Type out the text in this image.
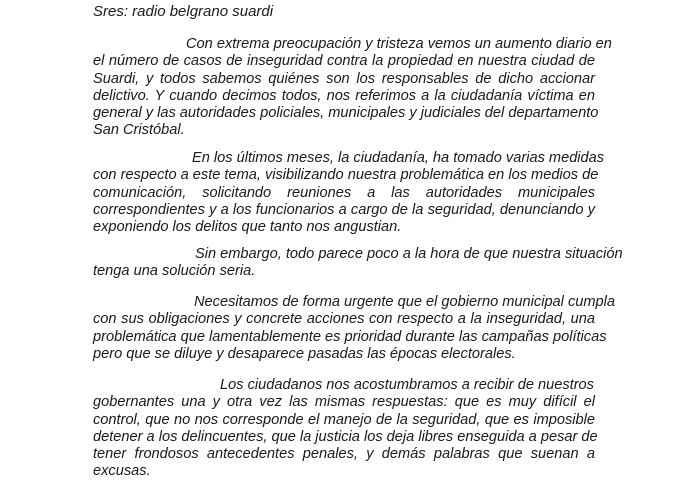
Sres: radio belgrano suardi
Con extrema preocupación y tristeza vemos un aumento diario en
el número de casos de inseguridad contra la propiedad en nuestra ciudad de
Suardi, y todos sabemos quiénes son los responsables de dicho accionar
delictivo. Y cuando decimos todos, nos referimos a la ciudadanía víctima en
general y las autoridades policiales, municipales y judiciales del departamento
San Cristóbal.
En los últimos meses, la ciudadanía, ha tomado varias medidas
con respecto a este tema, visibilizando nuestra problemática en los medios de
comunicación, solicitando reuniones a las autoridades municipales
correspondientes y a los funcionarios a cargo de la seguridad, denunciando y
exponiendo los delitos que tanto nos angustian.
Sin embargo, todo parece poco a la hora de que nuestra situación
tenga una solución seria.
Necesitamos de forma urgente que el gobierno municipal cumpla
con sus obligaciones y concrete acciones con respecto a la inseguridad, una
problemática que lamentablemente es prioridad durante las campañas políticas
pero que se diluye y desaparece pasadas las épocas electorales.
Los ciudadanos nos acostumbramos a recibir de nuestros
gobernantes una y otra vez las mismas respuestas: que es muy difícil el
control, que no nos corresponde el manejo de la seguridad, que es imposible
detener a los delincuentes, que la justicia los deja libres enseguida a pesar de
tener frondosos antecedentes penales, y demás palabras que suenan a
excusas.
